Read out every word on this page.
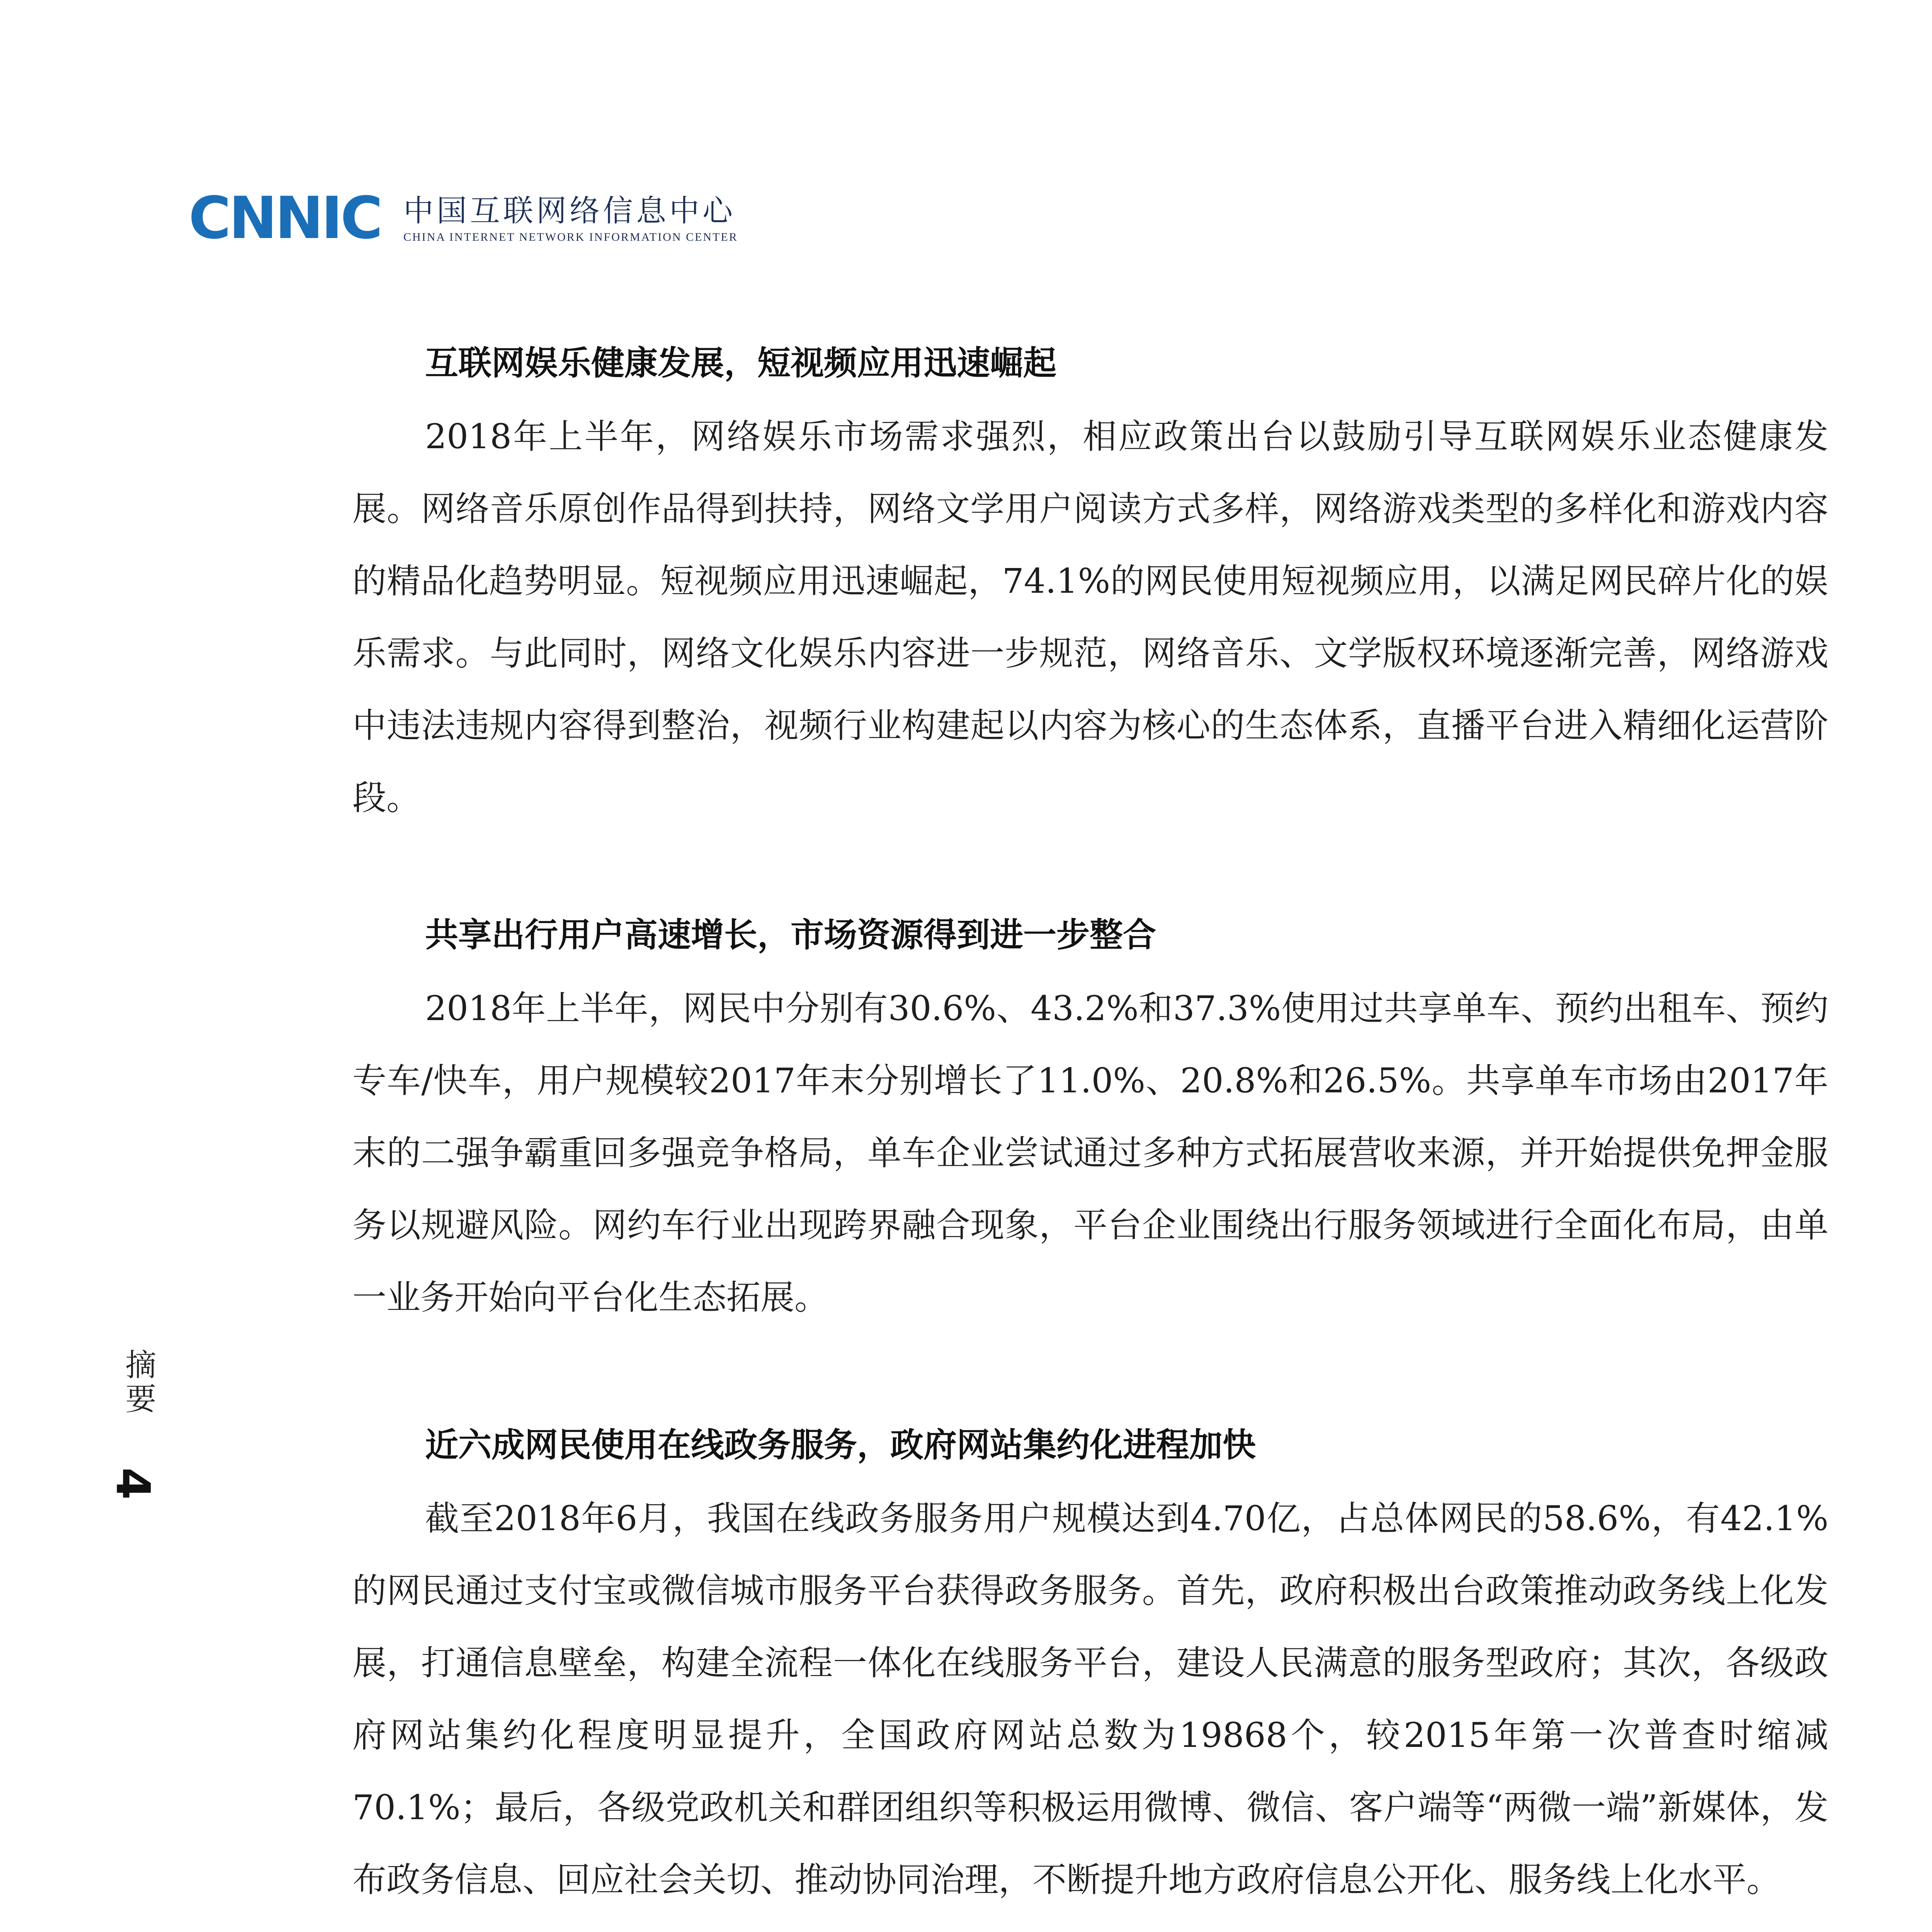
CNNIC 中国互联网络信息中心
CHINA INTERNET NETWORK INFORMATION CENTER
摘要
4
互联网娱乐健康发展，短视频应用迅速崛起
2018年上半年，网络娱乐市场需求强烈，相应政策出台以鼓励引导互联网娱乐业态健康发展。网络音乐原创作品得到扶持，网络文学用户阅读方式多样，网络游戏类型的多样化和游戏内容的精品化趋势明显。短视频应用迅速崛起，74.1%的网民使用短视频应用，以满足网民碎片化的娱乐需求。与此同时，网络文化娱乐内容进一步规范，网络音乐、文学版权环境逐渐完善，网络游戏中违法违规内容得到整治，视频行业构建起以内容为核心的生态体系，直播平台进入精细化运营阶段。
共享出行用户高速增长，市场资源得到进一步整合
2018年上半年，网民中分别有30.6%、43.2%和37.3%使用过共享单车、预约出租车、预约专车/快车，用户规模较2017年末分别增长了11.0%、20.8%和26.5%。共享单车市场由2017年末的二强争霸重回多强竞争格局，单车企业尝试通过多种方式拓展营收来源，并开始提供免押金服务以规避风险。网约车行业出现跨界融合现象，平台企业围绕出行服务领域进行全面化布局，由单一业务开始向平台化生态拓展。
近六成网民使用在线政务服务，政府网站集约化进程加快
截至2018年6月，我国在线政务服务用户规模达到4.70亿，占总体网民的58.6%，有42.1%的网民通过支付宝或微信城市服务平台获得政务服务。首先，政府积极出台政策推动政务线上化发展，打通信息壁垒，构建全流程一体化在线服务平台，建设人民满意的服务型政府；其次，各级政府网站集约化程度明显提升，全国政府网站总数为19868个，较2015年第一次普查时缩减70.1%；最后，各级党政机关和群团组织等积极运用微博、微信、客户端等“两微一端”新媒体，发布政务信息、回应社会关切、推动协同治理，不断提升地方政府信息公开化、服务线上化水平。
